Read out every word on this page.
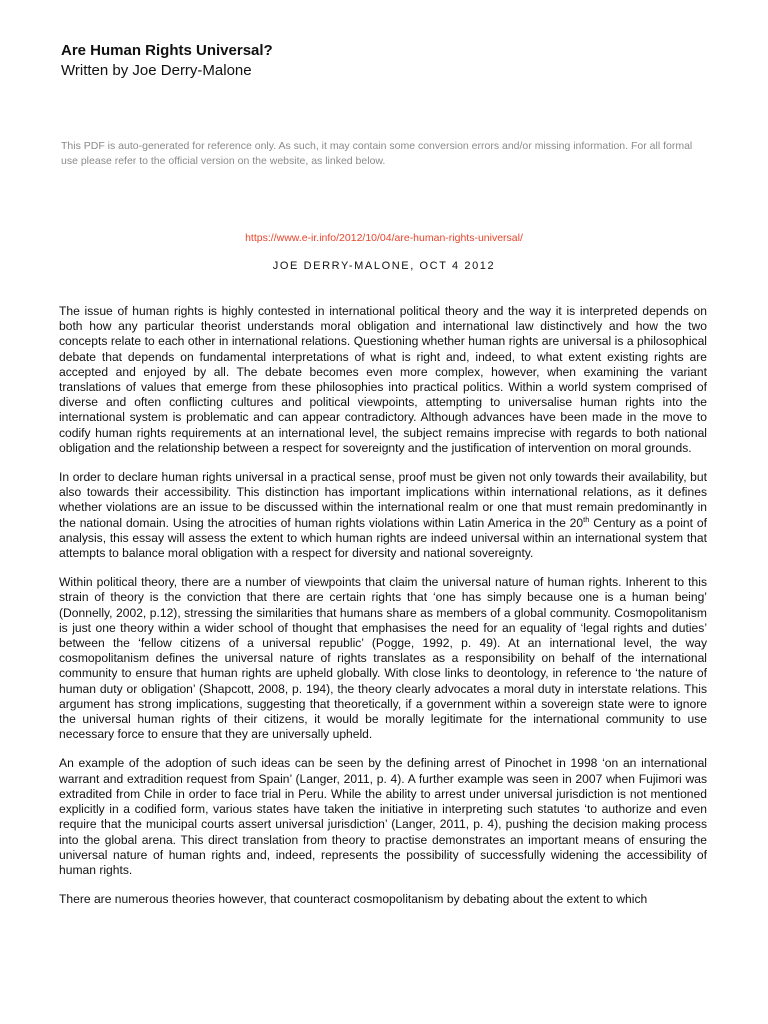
Are Human Rights Universal?
Written by Joe Derry-Malone
This PDF is auto-generated for reference only. As such, it may contain some conversion errors and/or missing information. For all formal use please refer to the official version on the website, as linked below.
https://www.e-ir.info/2012/10/04/are-human-rights-universal/
JOE DERRY-MALONE, OCT 4 2012

The issue of human rights is highly contested in international political theory and the way it is interpreted depends on both how any particular theorist understands moral obligation and international law distinctively and how the two concepts relate to each other in international relations. Questioning whether human rights are universal is a philosophical debate that depends on fundamental interpretations of what is right and, indeed, to what extent existing rights are accepted and enjoyed by all. The debate becomes even more complex, however, when examining the variant translations of values that emerge from these philosophies into practical politics. Within a world system comprised of diverse and often conflicting cultures and political viewpoints, attempting to universalise human rights into the international system is problematic and can appear contradictory. Although advances have been made in the move to codify human rights requirements at an international level, the subject remains imprecise with regards to both national obligation and the relationship between a respect for sovereignty and the justification of intervention on moral grounds.

In order to declare human rights universal in a practical sense, proof must be given not only towards their availability, but also towards their accessibility. This distinction has important implications within international relations, as it defines whether violations are an issue to be discussed within the international realm or one that must remain predominantly in the national domain. Using the atrocities of human rights violations within Latin America in the 20th Century as a point of analysis, this essay will assess the extent to which human rights are indeed universal within an international system that attempts to balance moral obligation with a respect for diversity and national sovereignty.

Within political theory, there are a number of viewpoints that claim the universal nature of human rights. Inherent to this strain of theory is the conviction that there are certain rights that ‘one has simply because one is a human being’ (Donnelly, 2002, p.12), stressing the similarities that humans share as members of a global community. Cosmopolitanism is just one theory within a wider school of thought that emphasises the need for an equality of ‘legal rights and duties’ between the ‘fellow citizens of a universal republic’ (Pogge, 1992, p. 49). At an international level, the way cosmopolitanism defines the universal nature of rights translates as a responsibility on behalf of the international community to ensure that human rights are upheld globally. With close links to deontology, in reference to ‘the nature of human duty or obligation’ (Shapcott, 2008, p. 194), the theory clearly advocates a moral duty in interstate relations. This argument has strong implications, suggesting that theoretically, if a government within a sovereign state were to ignore the universal human rights of their citizens, it would be morally legitimate for the international community to use necessary force to ensure that they are universally upheld.

An example of the adoption of such ideas can be seen by the defining arrest of Pinochet in 1998 ‘on an international warrant and extradition request from Spain’ (Langer, 2011, p. 4). A further example was seen in 2007 when Fujimori was extradited from Chile in order to face trial in Peru. While the ability to arrest under universal jurisdiction is not mentioned explicitly in a codified form, various states have taken the initiative in interpreting such statutes ‘to authorize and even require that the municipal courts assert universal jurisdiction’ (Langer, 2011, p. 4), pushing the decision making process into the global arena. This direct translation from theory to practise demonstrates an important means of ensuring the universal nature of human rights and, indeed, represents the possibility of successfully widening the accessibility of human rights.

There are numerous theories however, that counteract cosmopolitanism by debating about the extent to which
